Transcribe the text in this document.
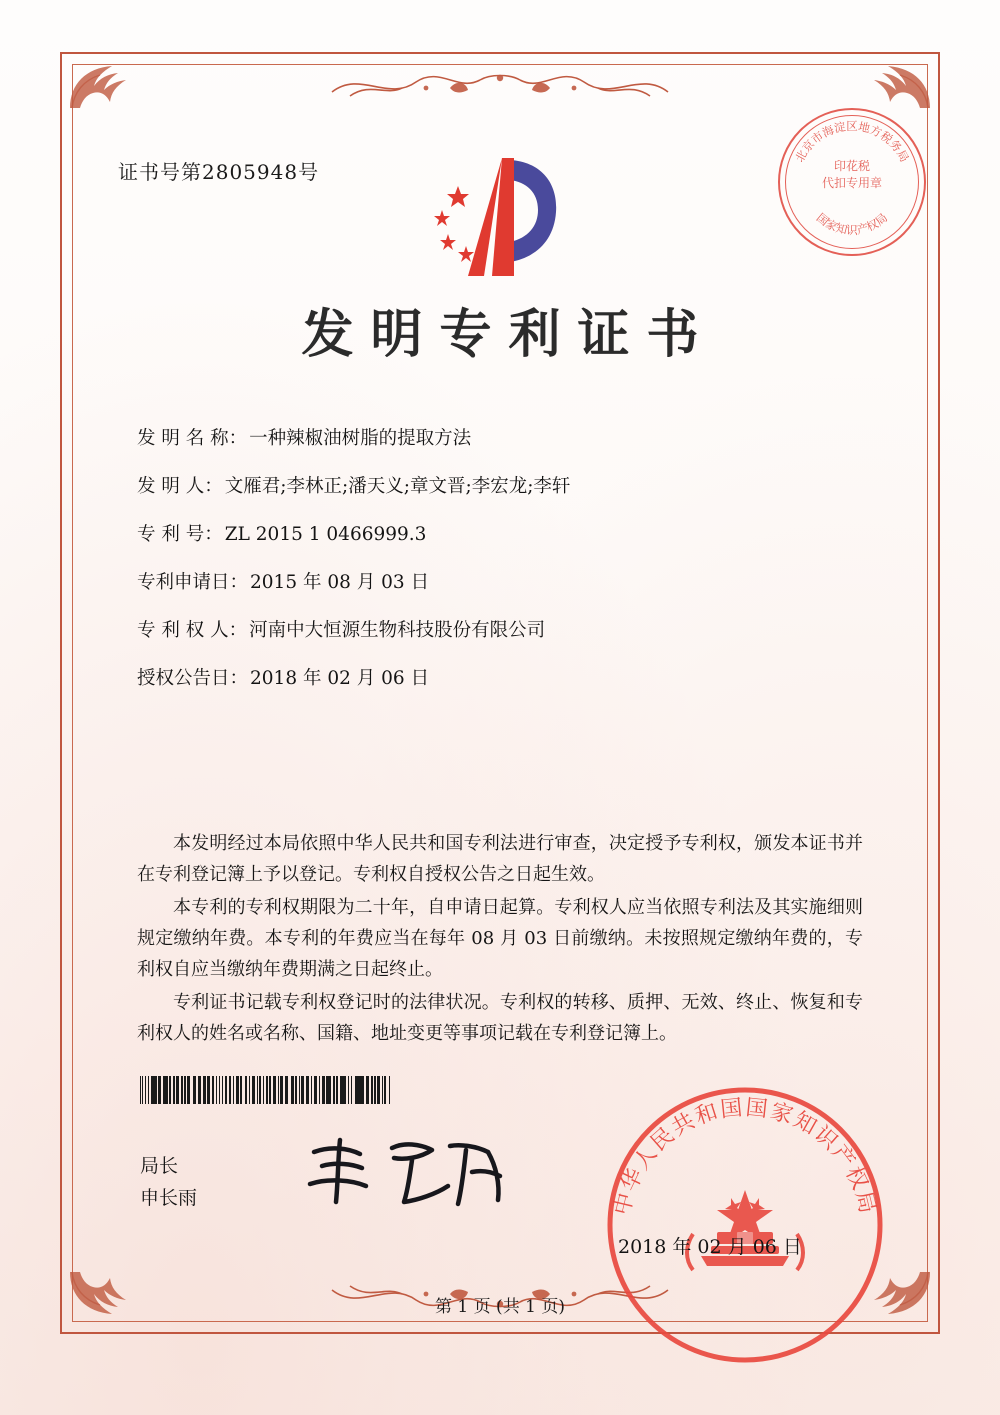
证书号第2805948号
北京市海淀区地方税务局
国家知识产权局
印花税
代扣专用章
发明专利证书
发 明 名 称： 一种辣椒油树脂的提取方法
发 明 人： 文雁君;李林正;潘天义;章文晋;李宏龙;李轩
专 利 号： ZL 2015 1 0466999.3
专利申请日： 2015 年 08 月 03 日
专 利 权 人： 河南中大恒源生物科技股份有限公司
授权公告日： 2018 年 02 月 06 日

本发明经过本局依照中华人民共和国专利法进行审查，决定授予专利权，颁发本证书并在专利登记簿上予以登记。专利权自授权公告之日起生效。

本专利的专利权期限为二十年，自申请日起算。专利权人应当依照专利法及其实施细则规定缴纳年费。本专利的年费应当在每年 08 月 03 日前缴纳。未按照规定缴纳年费的，专利权自应当缴纳年费期满之日起终止。

专利证书记载专利权登记时的法律状况。专利权的转移、质押、无效、终止、恢复和专利权人的姓名或名称、国籍、地址变更等事项记载在专利登记簿上。

局长
申长雨	中华人民共和国国家知识产权局
2018 年 02 月 06 日
第 1 页 (共 1 页)
